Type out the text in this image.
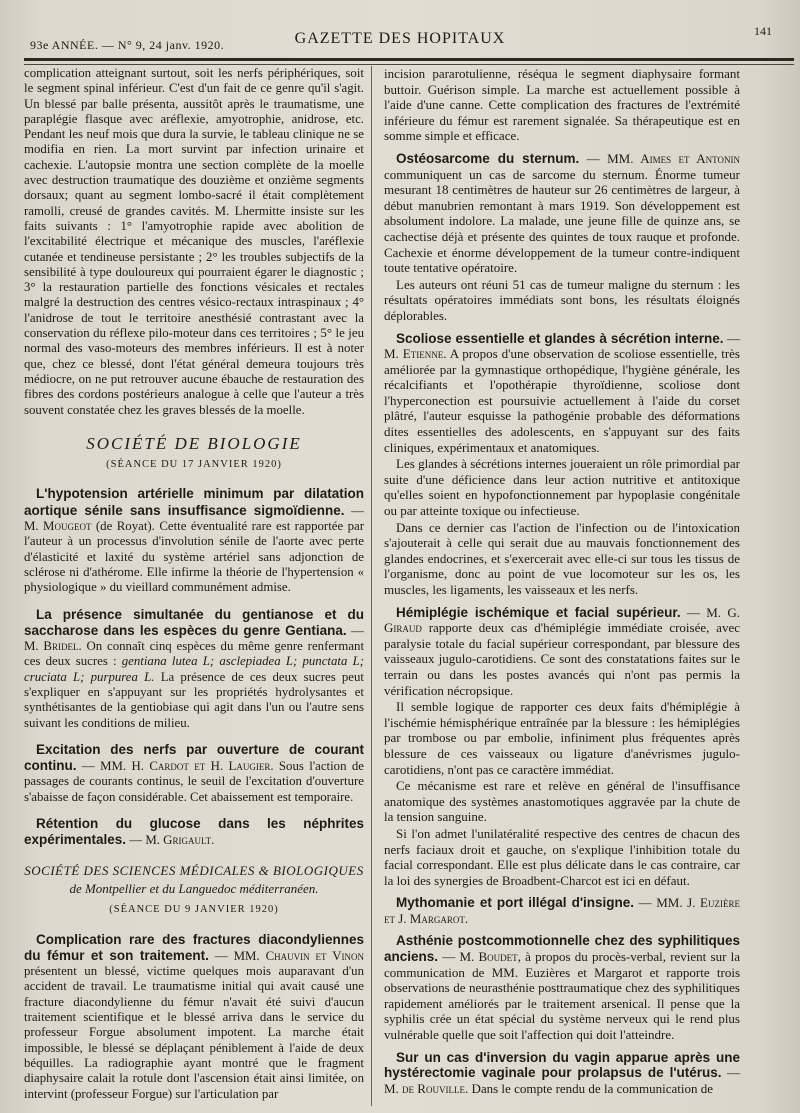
93e ANNÉE. — N° 9, 24 janv. 1920.	GAZETTE DES HOPITAUX	141

complication atteignant surtout, soit les nerfs périphériques, soit le segment spinal inférieur. C'est d'un fait de ce genre qu'il s'agit. Un blessé par balle présenta, aussitôt après le traumatisme, une paraplégie flasque avec aréflexie, amyotrophie, anidrose, etc. Pendant les neuf mois que dura la survie, le tableau clinique ne se modifia en rien. La mort survint par infection urinaire et cachexie. L'autopsie montra une section complète de la moelle avec destruction traumatique des douzième et onzième segments dorsaux; quant au segment lombo-sacré il était complètement ramolli, creusé de grandes cavités. M. Lhermitte insiste sur les faits suivants : 1° l'amyotrophie rapide avec abolition de l'excitabilité électrique et mécanique des muscles, l'aréflexie cutanée et tendineuse persistante ; 2° les troubles subjectifs de la sensibilité à type douloureux qui pourraient égarer le diagnostic ; 3° la restauration partielle des fonctions vésicales et rectales malgré la destruction des centres vésico-rectaux intraspinaux ; 4° l'anidrose de tout le territoire anesthésié contrastant avec la conservation du réflexe pilo-moteur dans ces territoires ; 5° le jeu normal des vaso-moteurs des membres inférieurs. Il est à noter que, chez ce blessé, dont l'état général demeura toujours très médiocre, on ne put retrouver aucune ébauche de restauration des fibres des cordons postérieurs analogue à celle que l'auteur a très souvent constatée chez les graves blessés de la moelle.

SOCIÉTÉ DE BIOLOGIE
(SÉANCE DU 17 JANVIER 1920)

L'hypotension artérielle minimum par dilatation aortique sénile sans insuffisance sigmoïdienne. — M. Mougeot (de Royat). Cette éventualité rare est rapportée par l'auteur à un processus d'involution sénile de l'aorte avec perte d'élasticité et laxité du système artériel sans adjonction de sclérose ni d'athérome. Elle infirme la théorie de l'hypertension « physiologique » du vieillard communément admise.

La présence simultanée du gentianose et du saccharose dans les espèces du genre Gentiana. — M. Bridel. On connaît cinq espèces du même genre renfermant ces deux sucres : gentiana lutea L; asclepiadea L; punctata L; cruciata L; purpurea L. La présence de ces deux sucres peut s'expliquer en s'appuyant sur les propriétés hydrolysantes et synthétisantes de la gentiobiase qui agit dans l'un ou l'autre sens suivant les conditions de milieu.

Excitation des nerfs par ouverture de courant continu. — MM. H. Cardot et H. Laugier. Sous l'action de passages de courants continus, le seuil de l'excitation d'ouverture s'abaisse de façon considérable. Cet abaissement est temporaire.

Rétention du glucose dans les néphrites expérimentales. — M. Grigault.

SOCIÉTÉ DES SCIENCES MÉDICALES & BIOLOGIQUES
de Montpellier et du Languedoc méditerranéen.
(SÉANCE DU 9 JANVIER 1920)

Complication rare des fractures diacondyliennes du fémur et son traitement. — MM. Chauvin et Vinon présentent un blessé, victime quelques mois auparavant d'un accident de travail. Le traumatisme initial qui avait causé une fracture diacondylienne du fémur n'avait été suivi d'aucun traitement scientifique et le blessé arriva dans le service du professeur Forgue absolument impotent. La marche était impossible, le blessé se déplaçant péniblement à l'aide de deux béquilles. La radiographie ayant montré que le fragment diaphysaire calait la rotule dont l'ascension était ainsi limitée, on intervint (professeur Forgue) sur l'articulation par

incision pararotulienne, réséqua le segment diaphysaire formant buttoir. Guérison simple. La marche est actuellement possible à l'aide d'une canne. Cette complication des fractures de l'extrémité inférieure du fémur est rarement signalée. Sa thérapeutique est en somme simple et efficace.

Ostéosarcome du sternum. — MM. Aimes et Antonin communiquent un cas de sarcome du sternum. Énorme tumeur mesurant 18 centimètres de hauteur sur 26 centimètres de largeur, à début manubrien remontant à mars 1919. Son développement est absolument indolore. La malade, une jeune fille de quinze ans, se cachectise déjà et présente des quintes de toux rauque et profonde. Cachexie et énorme développement de la tumeur contre-indiquent toute tentative opératoire.

Les auteurs ont réuni 51 cas de tumeur maligne du sternum : les résultats opératoires immédiats sont bons, les résultats éloignés déplorables.

Scoliose essentielle et glandes à sécrétion interne. — M. Etienne. A propos d'une observation de scoliose essentielle, très améliorée par la gymnastique orthopédique, l'hygiène générale, les récalcifiants et l'opothérapie thyroïdienne, scoliose dont l'hyperconection est poursuivie actuellement à l'aide du corset plâtré, l'auteur esquisse la pathogénie probable des déformations dites essentielles des adolescents, en s'appuyant sur des faits cliniques, expérimentaux et anatomiques.

Les glandes à sécrétions internes joueraient un rôle primordial par suite d'une déficience dans leur action nutritive et antitoxique qu'elles soient en hypofonctionnement par hypoplasie congénitale ou par atteinte toxique ou infectieuse.

Dans ce dernier cas l'action de l'infection ou de l'intoxication s'ajouterait à celle qui serait due au mauvais fonctionnement des glandes endocrines, et s'exercerait avec elle-ci sur tous les tissus de l'organisme, donc au point de vue locomoteur sur les os, les muscles, les ligaments, les vaisseaux et les nerfs.

Hémiplégie ischémique et facial supérieur. — M. G. Giraud rapporte deux cas d'hémiplégie immédiate croisée, avec paralysie totale du facial supérieur correspondant, par blessure des vaisseaux jugulo-carotidiens. Ce sont des constatations faites sur le terrain ou dans les postes avancés qui n'ont pas permis la vérification nécropsique.

Il semble logique de rapporter ces deux faits d'hémiplégie à l'ischémie hémisphérique entraînée par la blessure : les hémiplégies par trombose ou par embolie, infiniment plus fréquentes après blessure de ces vaisseaux ou ligature d'anévrismes jugulo-carotidiens, n'ont pas ce caractère immédiat.

Ce mécanisme est rare et relève en général de l'insuffisance anatomique des systèmes anastomotiques aggravée par la chute de la tension sanguine.

Si l'on admet l'unilatéralité respective des centres de chacun des nerfs faciaux droit et gauche, on s'explique l'inhibition totale du facial correspondant. Elle est plus délicate dans le cas contraire, car la loi des synergies de Broadbent-Charcot est ici en défaut.

Mythomanie et port illégal d'insigne. — MM. J. Euzière et J. Margarot.

Asthénie postcommotionnelle chez des syphilitiques anciens. — M. Boudet, à propos du procès-verbal, revient sur la communication de MM. Euzières et Margarot et rapporte trois observations de neurasthénie posttraumatique chez des syphilitiques rapidement améliorés par le traitement arsenical. Il pense que la syphilis crée un état spécial du système nerveux qui le rend plus vulnérable quelle que soit l'affection qui doit l'atteindre.

Sur un cas d'inversion du vagin apparue après une hystérectomie vaginale pour prolapsus de l'utérus. — M. de Rouville. Dans le compte rendu de la communication de
